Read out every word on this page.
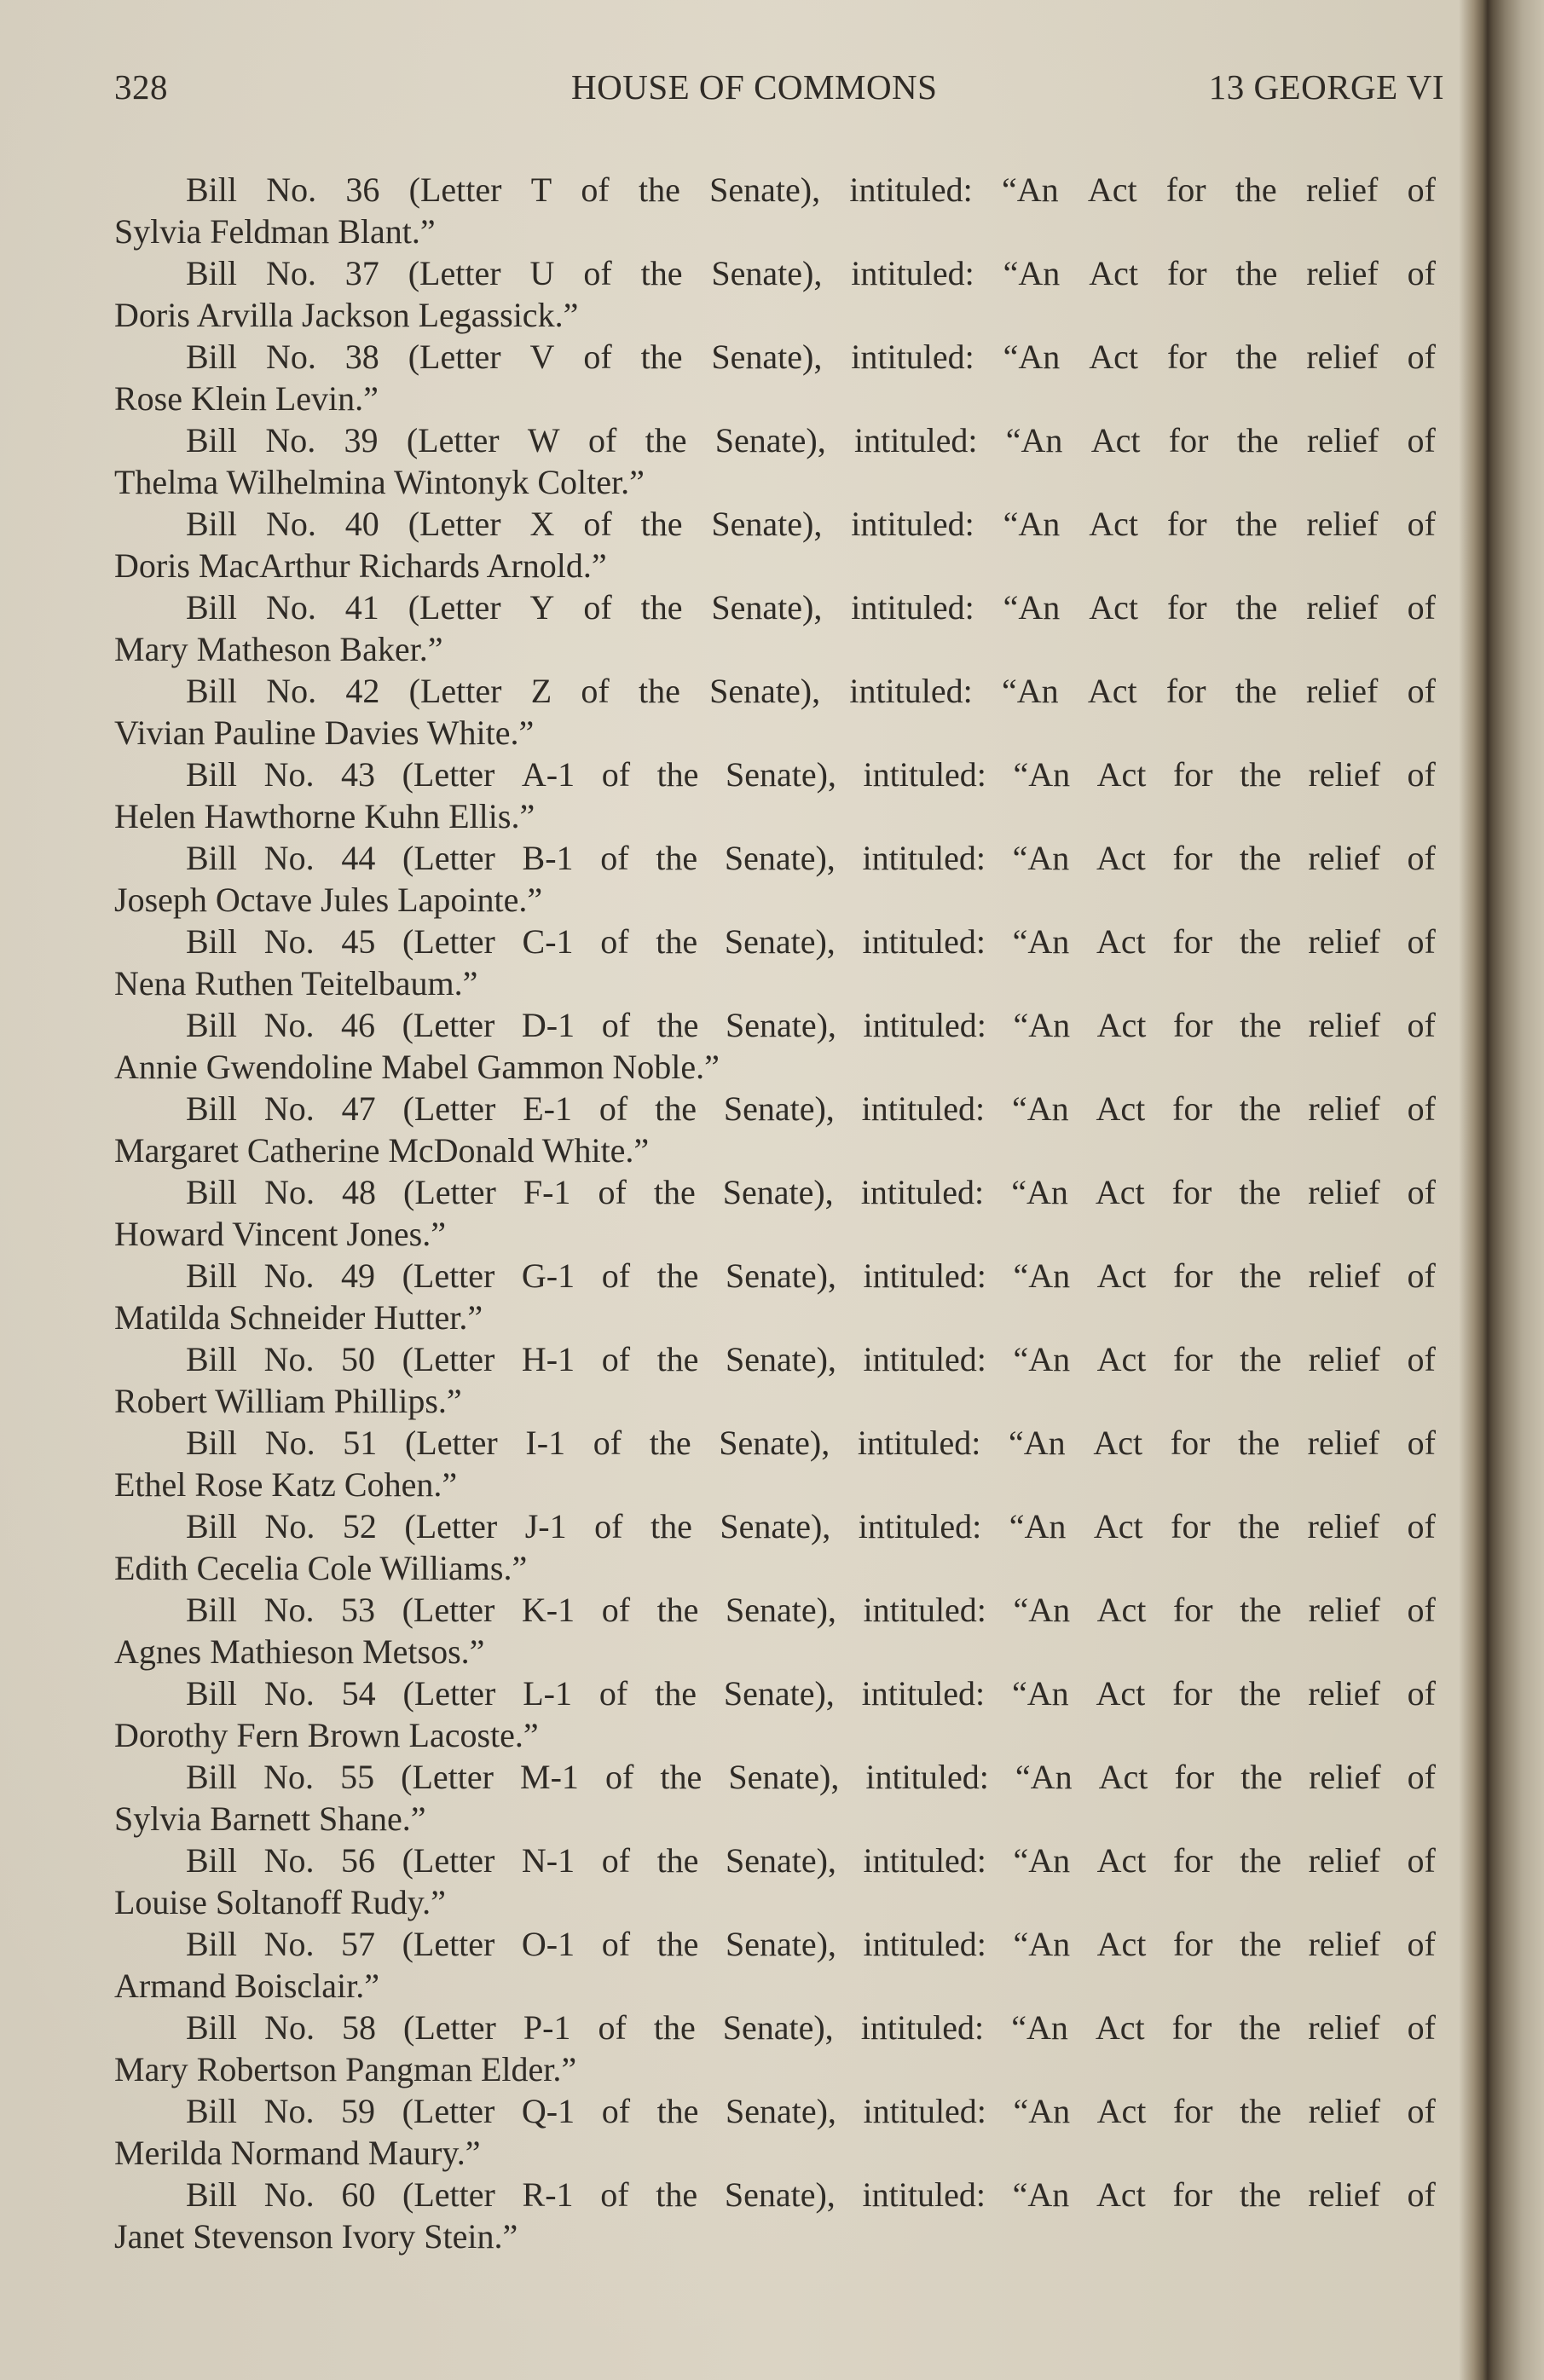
328	HOUSE OF COMMONS	13 GEORGE VI
Bill No. 36 (Letter T of the Senate), intituled: “An Act for the relief of
Sylvia Feldman Blant.”
Bill No. 37 (Letter U of the Senate), intituled: “An Act for the relief of
Doris Arvilla Jackson Legassick.”
Bill No. 38 (Letter V of the Senate), intituled: “An Act for the relief of
Rose Klein Levin.”
Bill No. 39 (Letter W of the Senate), intituled: “An Act for the relief of
Thelma Wilhelmina Wintonyk Colter.”
Bill No. 40 (Letter X of the Senate), intituled: “An Act for the relief of
Doris MacArthur Richards Arnold.”
Bill No. 41 (Letter Y of the Senate), intituled: “An Act for the relief of
Mary Matheson Baker.”
Bill No. 42 (Letter Z of the Senate), intituled: “An Act for the relief of
Vivian Pauline Davies White.”
Bill No. 43 (Letter A-1 of the Senate), intituled: “An Act for the relief of
Helen Hawthorne Kuhn Ellis.”
Bill No. 44 (Letter B-1 of the Senate), intituled: “An Act for the relief of
Joseph Octave Jules Lapointe.”
Bill No. 45 (Letter C-1 of the Senate), intituled: “An Act for the relief of
Nena Ruthen Teitelbaum.”
Bill No. 46 (Letter D-1 of the Senate), intituled: “An Act for the relief of
Annie Gwendoline Mabel Gammon Noble.”
Bill No. 47 (Letter E-1 of the Senate), intituled: “An Act for the relief of
Margaret Catherine McDonald White.”
Bill No. 48 (Letter F-1 of the Senate), intituled: “An Act for the relief of
Howard Vincent Jones.”
Bill No. 49 (Letter G-1 of the Senate), intituled: “An Act for the relief of
Matilda Schneider Hutter.”
Bill No. 50 (Letter H-1 of the Senate), intituled: “An Act for the relief of
Robert William Phillips.”
Bill No. 51 (Letter I-1 of the Senate), intituled: “An Act for the relief of
Ethel Rose Katz Cohen.”
Bill No. 52 (Letter J-1 of the Senate), intituled: “An Act for the relief of
Edith Cecelia Cole Williams.”
Bill No. 53 (Letter K-1 of the Senate), intituled: “An Act for the relief of
Agnes Mathieson Metsos.”
Bill No. 54 (Letter L-1 of the Senate), intituled: “An Act for the relief of
Dorothy Fern Brown Lacoste.”
Bill No. 55 (Letter M-1 of the Senate), intituled: “An Act for the relief of
Sylvia Barnett Shane.”
Bill No. 56 (Letter N-1 of the Senate), intituled: “An Act for the relief of
Louise Soltanoff Rudy.”
Bill No. 57 (Letter O-1 of the Senate), intituled: “An Act for the relief of
Armand Boisclair.”
Bill No. 58 (Letter P-1 of the Senate), intituled: “An Act for the relief of
Mary Robertson Pangman Elder.”
Bill No. 59 (Letter Q-1 of the Senate), intituled: “An Act for the relief of
Merilda Normand Maury.”
Bill No. 60 (Letter R-1 of the Senate), intituled: “An Act for the relief of
Janet Stevenson Ivory Stein.”
